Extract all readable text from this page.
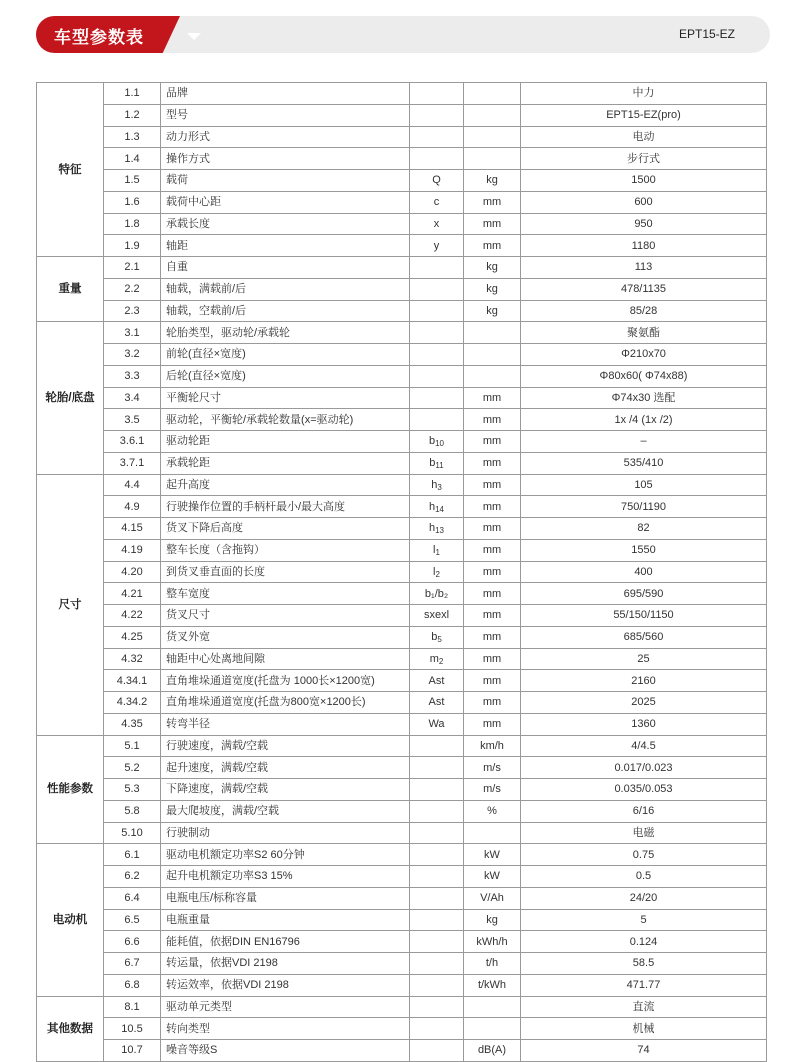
车型参数表	EPT15-EZ
特征	1.1	品牌			中力
	1.2	型号			EPT15-EZ(pro)
	1.3	动力形式			电动
	1.4	操作方式			步行式
	1.5	载荷	Q	kg	1500
	1.6	载荷中心距	c	mm	600
	1.8	承载长度	x	mm	950
	1.9	轴距	y	mm	1180
重量	2.1	自重		kg	113
	2.2	轴载，满载前/后		kg	478/1135
	2.3	轴载，空载前/后		kg	85/28
轮胎/底盘	3.1	轮胎类型，驱动轮/承载轮			聚氨酯
	3.2	前轮(直径×宽度)			Φ210x70
	3.3	后轮(直径×宽度)			Φ80x60( Φ74x88)
	3.4	平衡轮尺寸		mm	Φ74x30 选配
	3.5	驱动轮，平衡轮/承载轮数量(x=驱动轮)		mm	1x /4 (1x /2)
	3.6.1	驱动轮距	$b_{10}$	mm	–
	3.7.1	承载轮距	$b_{11}$	mm	535/410
尺寸	4.4	起升高度	$h_3$	mm	105
	4.9	行驶操作位置的手柄杆最小/最大高度	$h_{14}$	mm	750/1190
	4.15	货叉下降后高度	$h_{13}$	mm	82
	4.19	整车长度（含拖钩）	$l_1$	mm	1550
	4.20	到货叉垂直面的长度	$l_2$	mm	400
	4.21	整车宽度	b₁/b₂	mm	695/590
	4.22	货叉尺寸	sxexl	mm	55/150/1150
	4.25	货叉外宽	$b_5$	mm	685/560
	4.32	轴距中心处离地间隙	$m_2$	mm	25
	4.34.1	直角堆垛通道宽度(托盘为 1000长×1200宽)	Ast	mm	2160
	4.34.2	直角堆垛通道宽度(托盘为800宽×1200长)	Ast	mm	2025
	4.35	转弯半径	Wa	mm	1360
性能参数	5.1	行驶速度，满载/空载		km/h	4/4.5
	5.2	起升速度，满载/空载		m/s	0.017/0.023
	5.3	下降速度，满载/空载		m/s	0.035/0.053
	5.8	最大爬坡度，满载/空载		%	6/16
	5.10	行驶制动			电磁
电动机	6.1	驱动电机额定功率S2 60分钟		kW	0.75
	6.2	起升电机额定功率S3 15%		kW	0.5
	6.4	电瓶电压/标称容量		V/Ah	24/20
	6.5	电瓶重量		kg	5
	6.6	能耗值，依据DIN EN16796		kWh/h	0.124
	6.7	转运量，依据VDI 2198		t/h	58.5
	6.8	转运效率，依据VDI 2198		t/kWh	471.77
其他数据	8.1	驱动单元类型			直流
	10.5	转向类型			机械
	10.7	噪音等级S		dB(A)	74
